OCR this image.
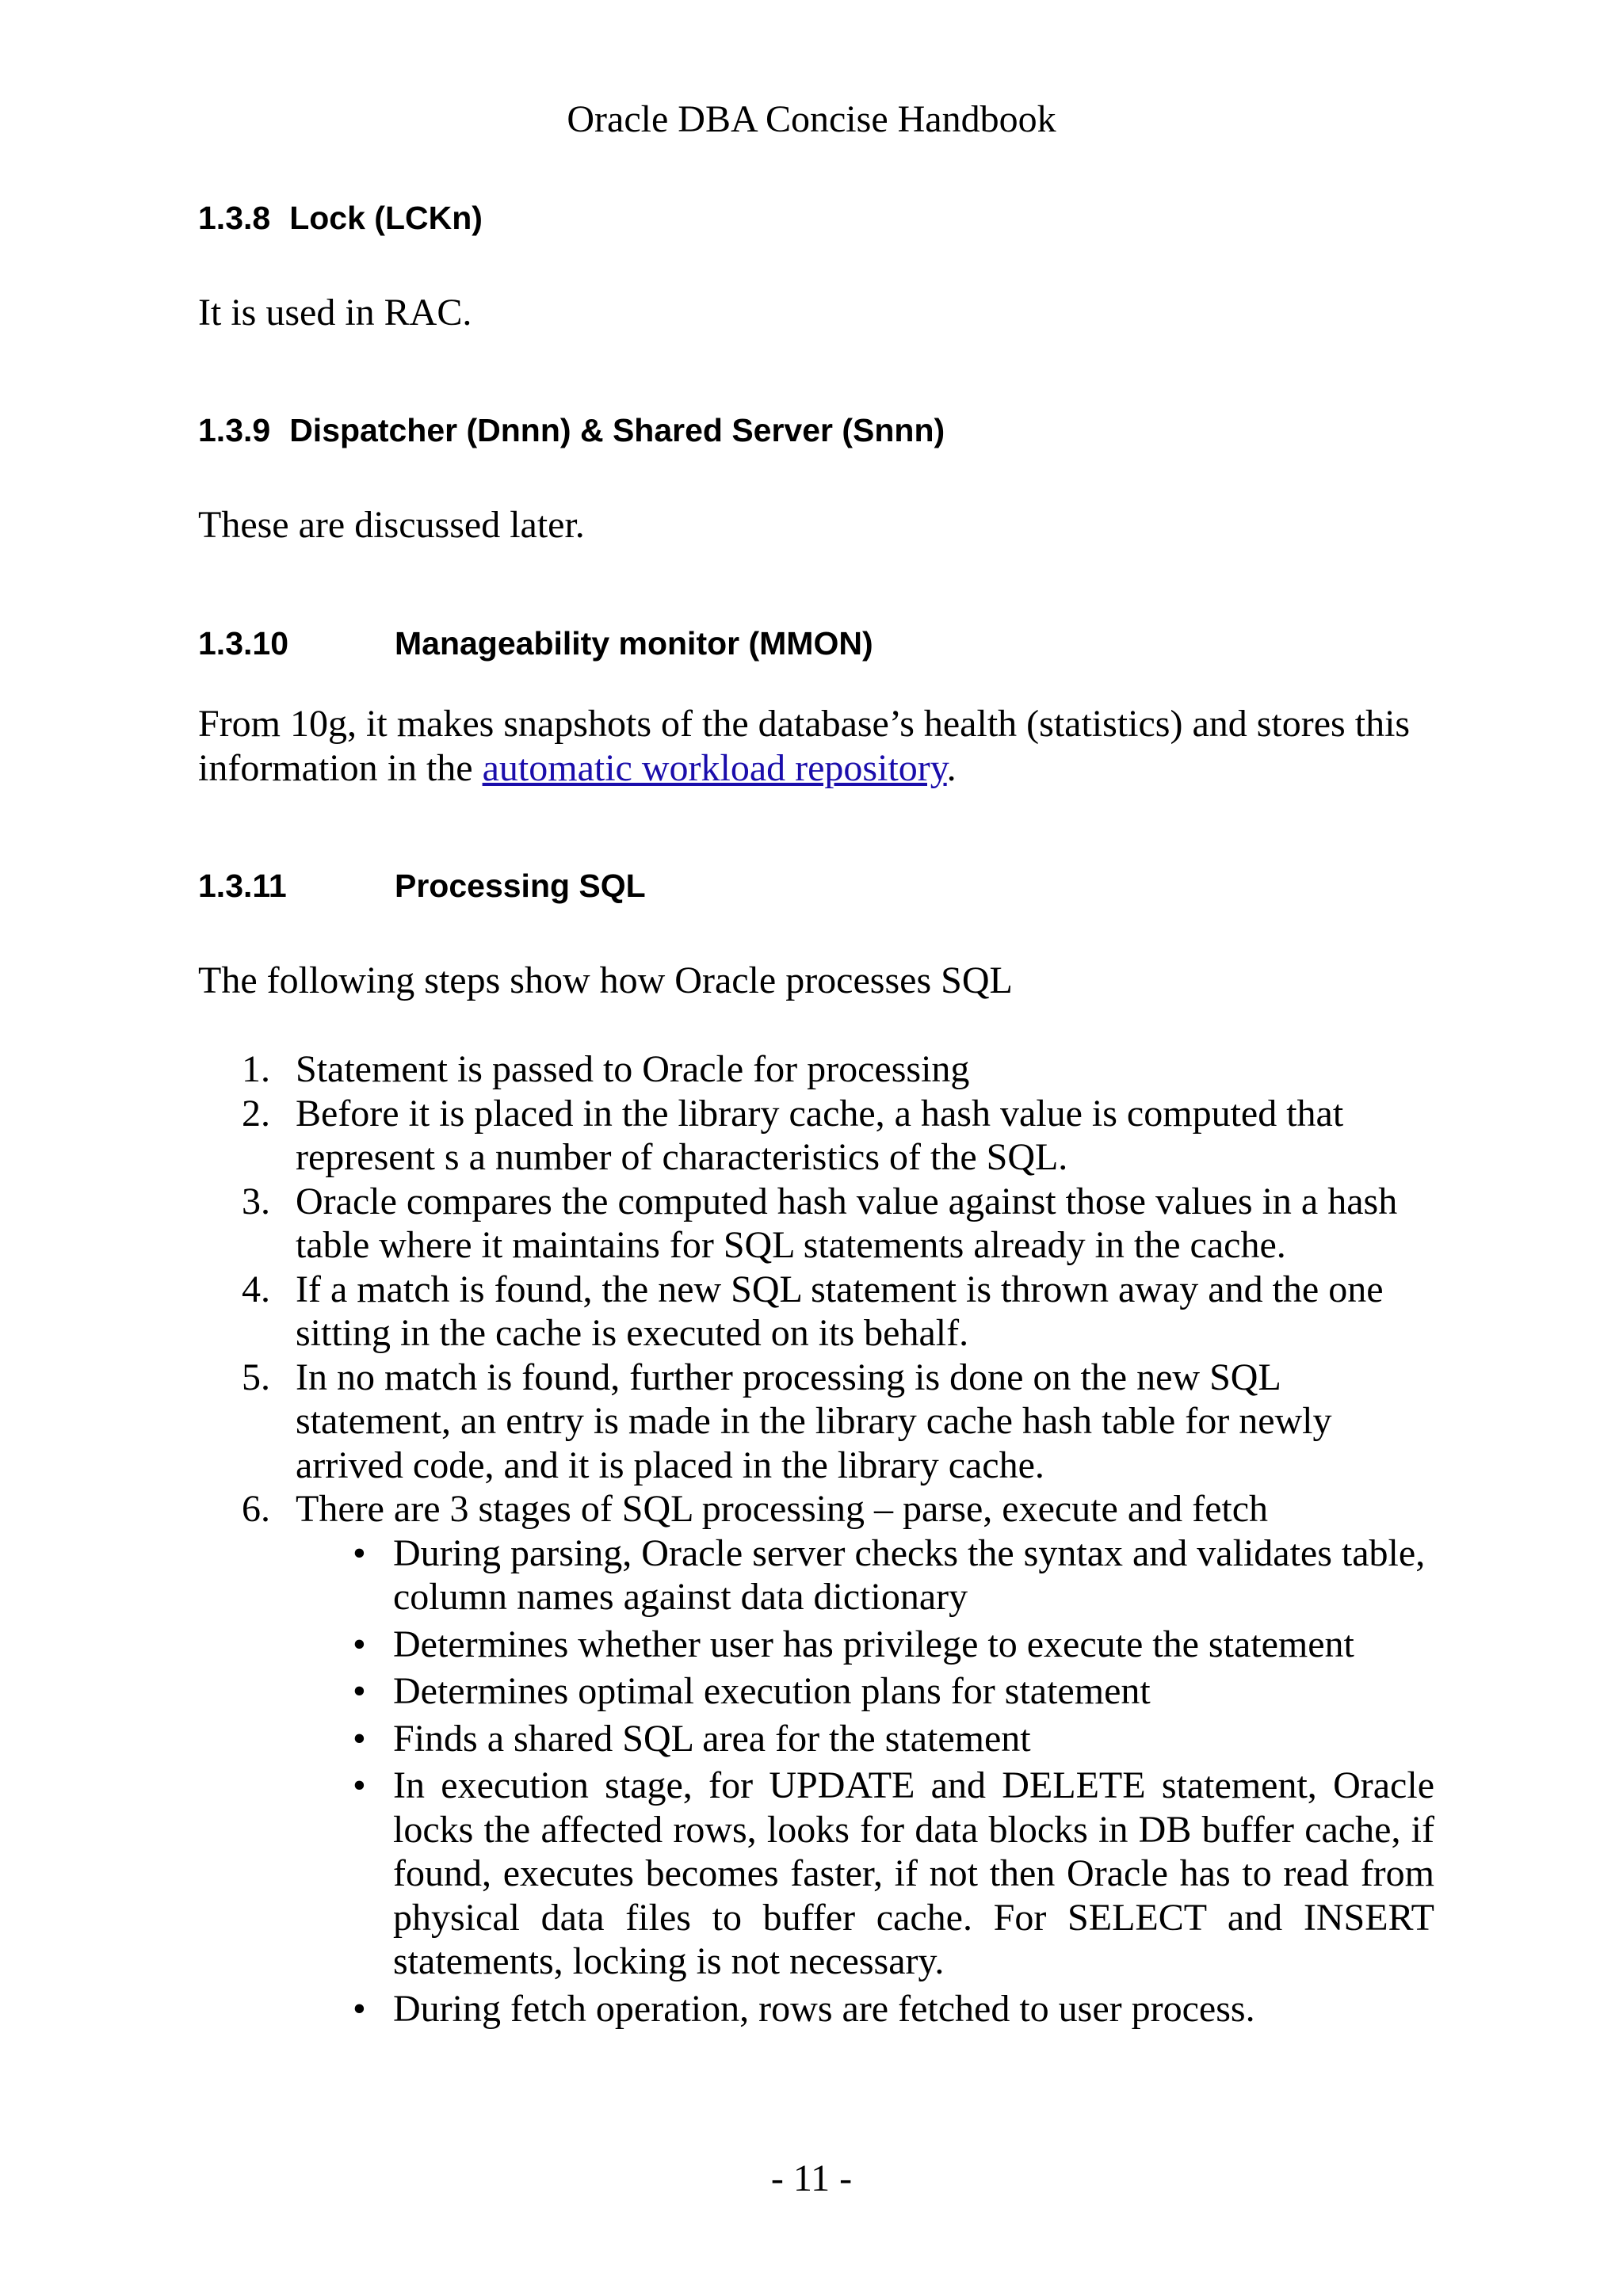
Oracle DBA Concise Handbook
1.3.8 Lock (LCKn)

It is used in RAC.

1.3.9 Dispatcher (Dnnn) & Shared Server (Snnn)

These are discussed later.

1.3.10	Manageability monitor (MMON)

From 10g, it makes snapshots of the database’s health (statistics) and stores this information in the automatic workload repository.

1.3.11	Processing SQL

The following steps show how Oracle processes SQL

1. Statement is passed to Oracle for processing
2. Before it is placed in the library cache, a hash value is computed that represent s a number of characteristics of the SQL.
3. Oracle compares the computed hash value against those values in a hash table where it maintains for SQL statements already in the cache.
4. If a match is found, the new SQL statement is thrown away and the one sitting in the cache is executed on its behalf.
5. In no match is found, further processing is done on the new SQL statement, an entry is made in the library cache hash table for newly arrived code, and it is placed in the library cache.
6. There are 3 stages of SQL processing – parse, execute and fetch
• During parsing, Oracle server checks the syntax and validates table, column names against data dictionary
• Determines whether user has privilege to execute the statement
• Determines optimal execution plans for statement
• Finds a shared SQL area for the statement
• In execution stage, for UPDATE and DELETE statement, Oracle locks the affected rows, looks for data blocks in DB buffer cache, if found, executes becomes faster, if not then Oracle has to read from physical data files to buffer cache. For SELECT and INSERT statements, locking is not necessary.
• During fetch operation, rows are fetched to user process.
- 11 -
